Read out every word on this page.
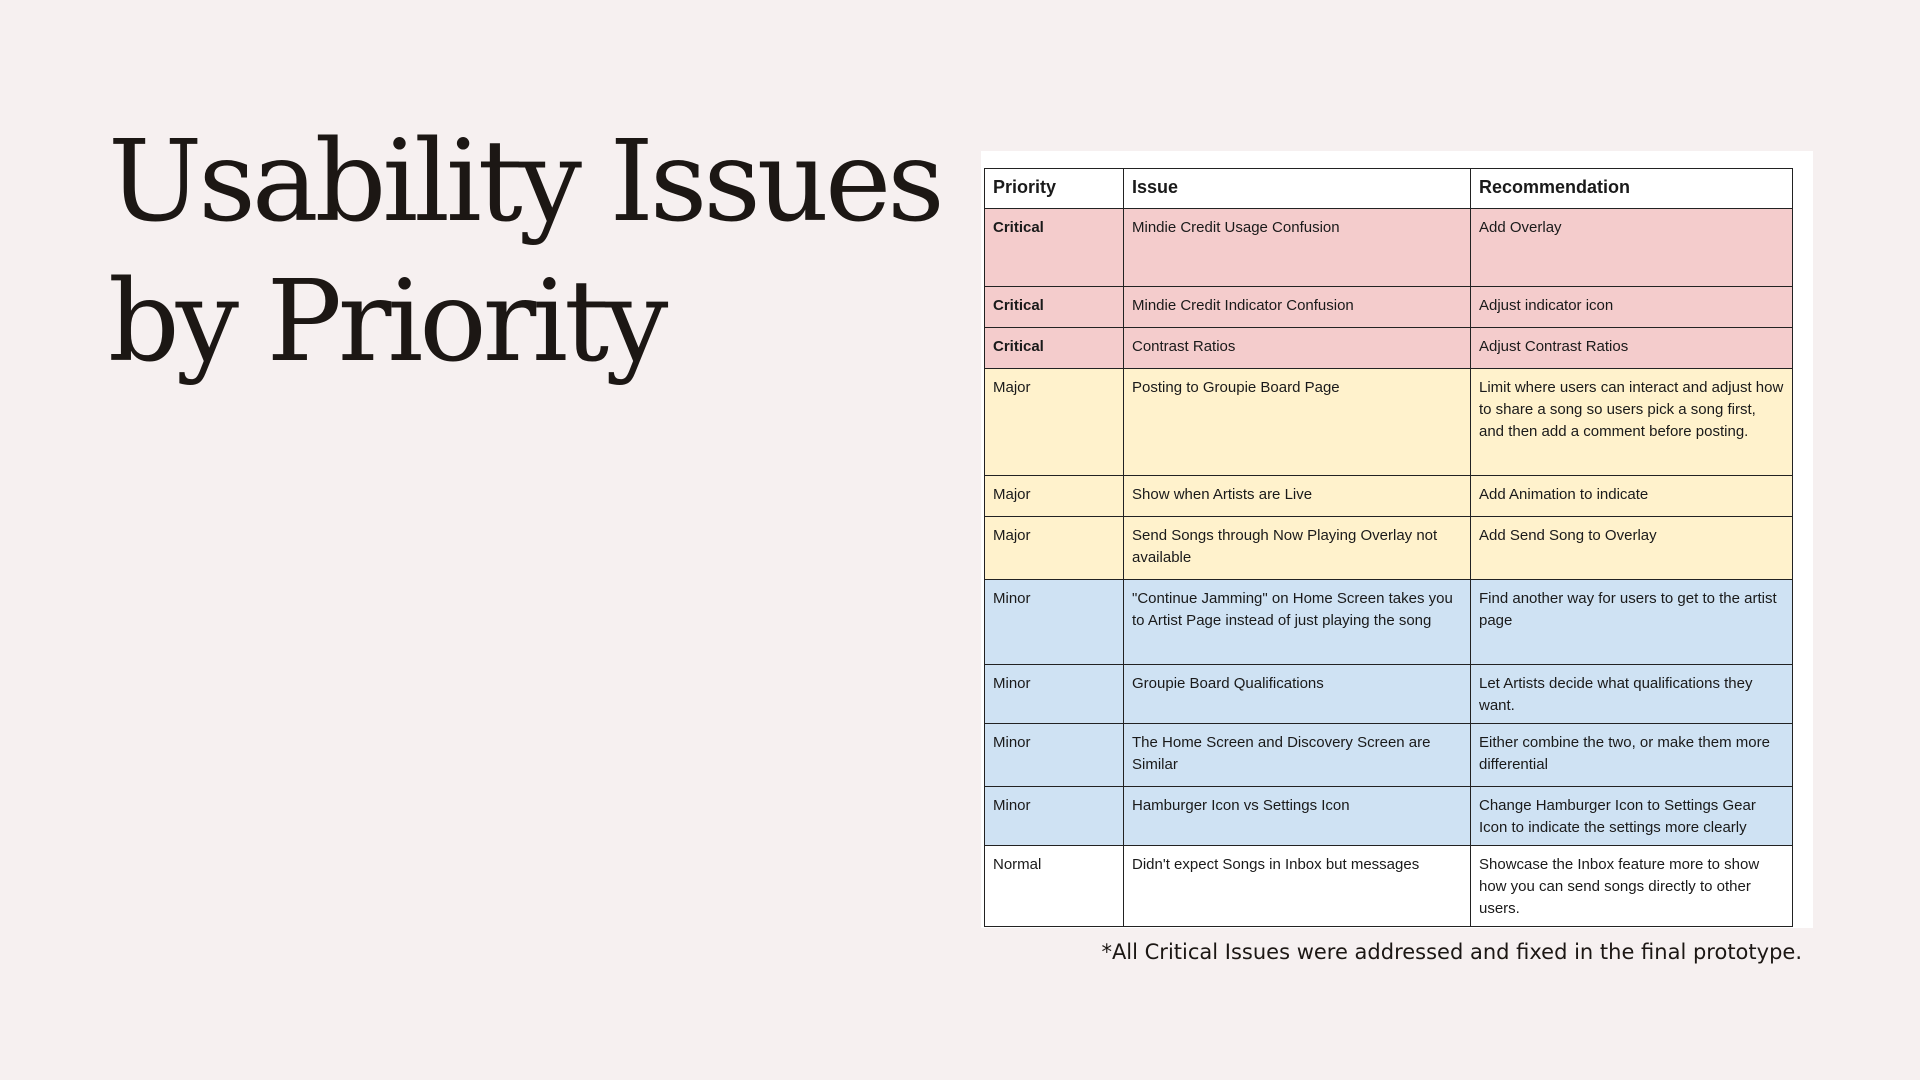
Usability Issues
by Priority
Priority	Issue	Recommendation
Critical	Mindie Credit Usage Confusion	Add Overlay
Critical	Mindie Credit Indicator Confusion	Adjust indicator icon
Critical	Contrast Ratios	Adjust Contrast Ratios
Major	Posting to Groupie Board Page	Limit where users can interact and adjust how to share a song so users pick a song first, and then add a comment before posting.
Major	Show when Artists are Live	Add Animation to indicate
Major	Send Songs through Now Playing Overlay not available	Add Send Song to Overlay
Minor	"Continue Jamming" on Home Screen takes you to Artist Page instead of just playing the song	Find another way for users to get to the artist page
Minor	Groupie Board Qualifications	Let Artists decide what qualifications they want.
Minor	The Home Screen and Discovery Screen are Similar	Either combine the two, or make them more differential
Minor	Hamburger Icon vs Settings Icon	Change Hamburger Icon to Settings Gear Icon to indicate the settings more clearly
Normal	Didn't expect Songs in Inbox but messages	Showcase the Inbox feature more to show how you can send songs directly to other users.
*All Critical Issues were addressed and fixed in the final prototype.
